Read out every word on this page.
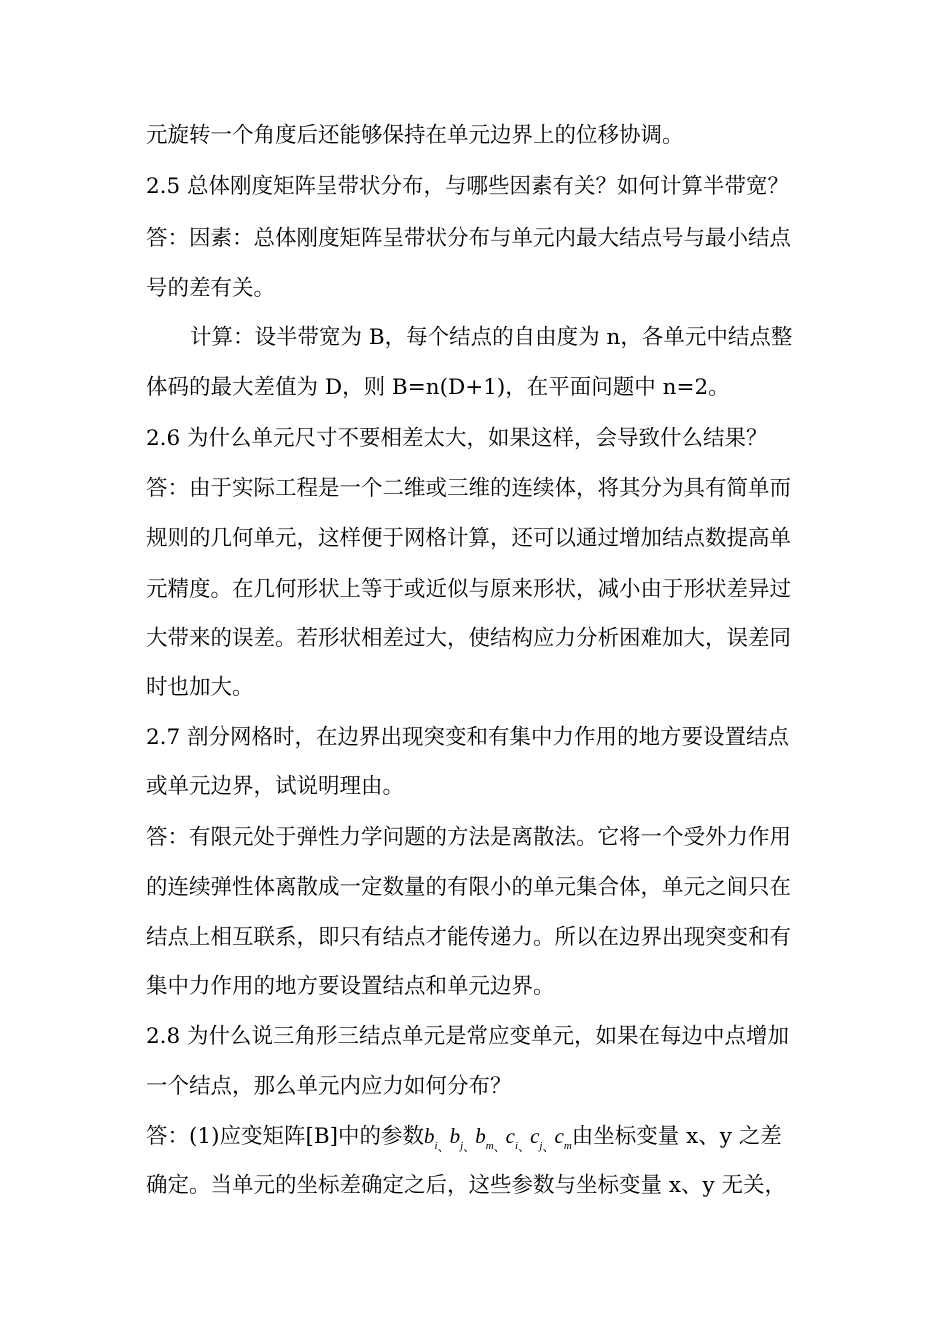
元旋转一个角度后还能够保持在单元边界上的位移协调。
2.5 总体刚度矩阵呈带状分布，与哪些因素有关？如何计算半带宽？
答：因素：总体刚度矩阵呈带状分布与单元内最大结点号与最小结点
号的差有关。
计算：设半带宽为 B，每个结点的自由度为 n，各单元中结点整
体码的最大差值为 D，则 B=n(D+1)，在平面问题中 n=2。
2.6 为什么单元尺寸不要相差太大，如果这样，会导致什么结果？
答：由于实际工程是一个二维或三维的连续体，将其分为具有简单而
规则的几何单元，这样便于网格计算，还可以通过增加结点数提高单
元精度。在几何形状上等于或近似与原来形状，减小由于形状差异过
大带来的误差。若形状相差过大，使结构应力分析困难加大，误差同
时也加大。
2.7 剖分网格时，在边界出现突变和有集中力作用的地方要设置结点
或单元边界，试说明理由。
答：有限元处于弹性力学问题的方法是离散法。它将一个受外力作用
的连续弹性体离散成一定数量的有限小的单元集合体，单元之间只在
结点上相互联系，即只有结点才能传递力。所以在边界出现突变和有
集中力作用的地方要设置结点和单元边界。
2.8 为什么说三角形三结点单元是常应变单元，如果在每边中点增加
一个结点，那么单元内应力如何分布？
答：(1)应变矩阵[B]中的参数$b_{i、}b_{j、}b_{m、}c_{i、}c_{j、}c_m$由坐标变量 x、y 之差
确定。当单元的坐标差确定之后，这些参数与坐标变量 x、y 无关，
